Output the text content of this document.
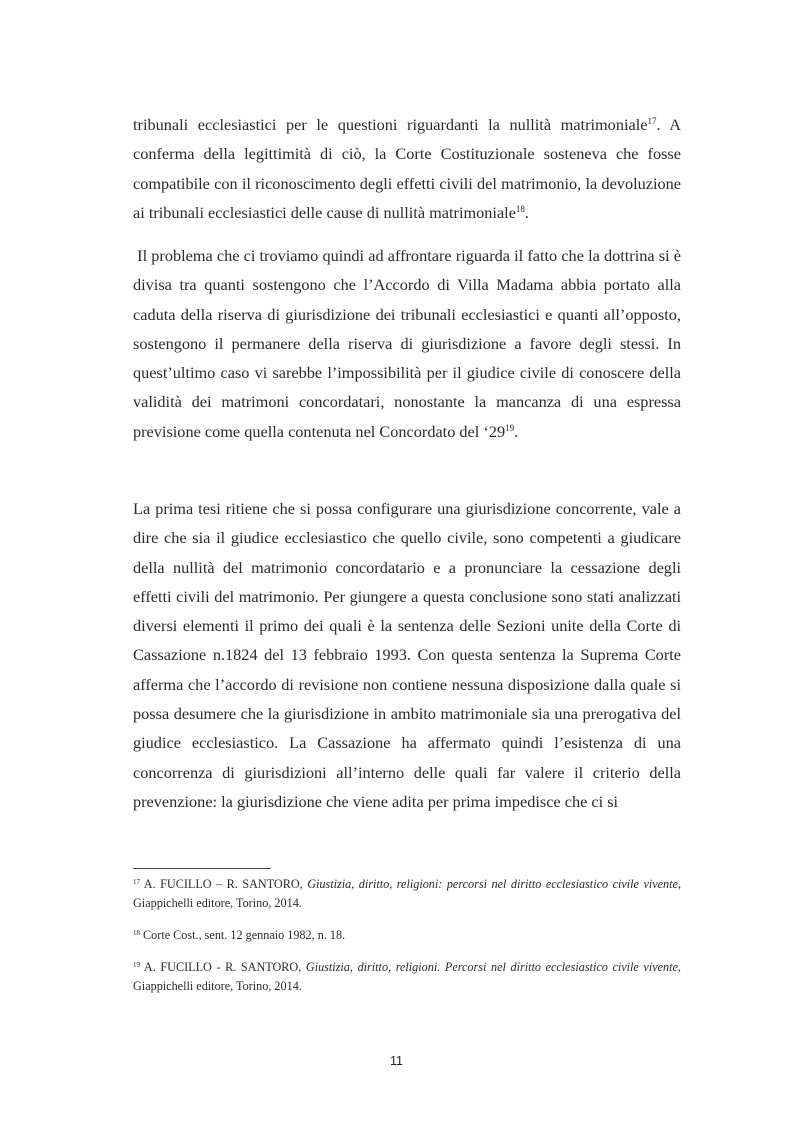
tribunali ecclesiastici per le questioni riguardanti la nullità matrimoniale$^{17}$. A conferma della legittimità di ciò, la Corte Costituzionale sosteneva che fosse compatibile con il riconoscimento degli effetti civili del matrimonio, la devoluzione ai tribunali ecclesiastici delle cause di nullità matrimoniale$^{18}$.

Il problema che ci troviamo quindi ad affrontare riguarda il fatto che la dottrina si è divisa tra quanti sostengono che l’Accordo di Villa Madama abbia portato alla caduta della riserva di giurisdizione dei tribunali ecclesiastici e quanti all’opposto, sostengono il permanere della riserva di giurisdizione a favore degli stessi. In quest’ultimo caso vi sarebbe l’impossibilità per il giudice civile di conoscere della validità dei matrimoni concordatari, nonostante la mancanza di una espressa previsione come quella contenuta nel Concordato del ‘$29^{19}$.

La prima tesi ritiene che si possa configurare una giurisdizione concorrente, vale a dire che sia il giudice ecclesiastico che quello civile, sono competenti a giudicare della nullità del matrimonio concordatario e a pronunciare la cessazione degli effetti civili del matrimonio. Per giungere a questa conclusione sono stati analizzati diversi elementi il primo dei quali è la sentenza delle Sezioni unite della Corte di Cassazione n.1824 del 13 febbraio 1993. Con questa sentenza la Suprema Corte afferma che l’accordo di revisione non contiene nessuna disposizione dalla quale si possa desumere che la giurisdizione in ambito matrimoniale sia una prerogativa del giudice ecclesiastico. La Cassazione ha affermato quindi l’esistenza di una concorrenza di giurisdizioni all’interno delle quali far valere il criterio della prevenzione: la giurisdizione che viene adita per prima impedisce che ci si

$^{17}$ A. FUCILLO – R. SANTORO, Giustizia, diritto, religioni: percorsi nel diritto ecclesiastico civile vivente, Giappichelli editore, Torino, 2014.
$^{18}$ Corte Cost., sent. 12 gennaio 1982, n. 18.
$^{19}$ A. FUCILLO - R. SANTORO, Giustizia, diritto, religioni. Percorsi nel diritto ecclesiastico civile vivente, Giappichelli editore, Torino, 2014.
11
